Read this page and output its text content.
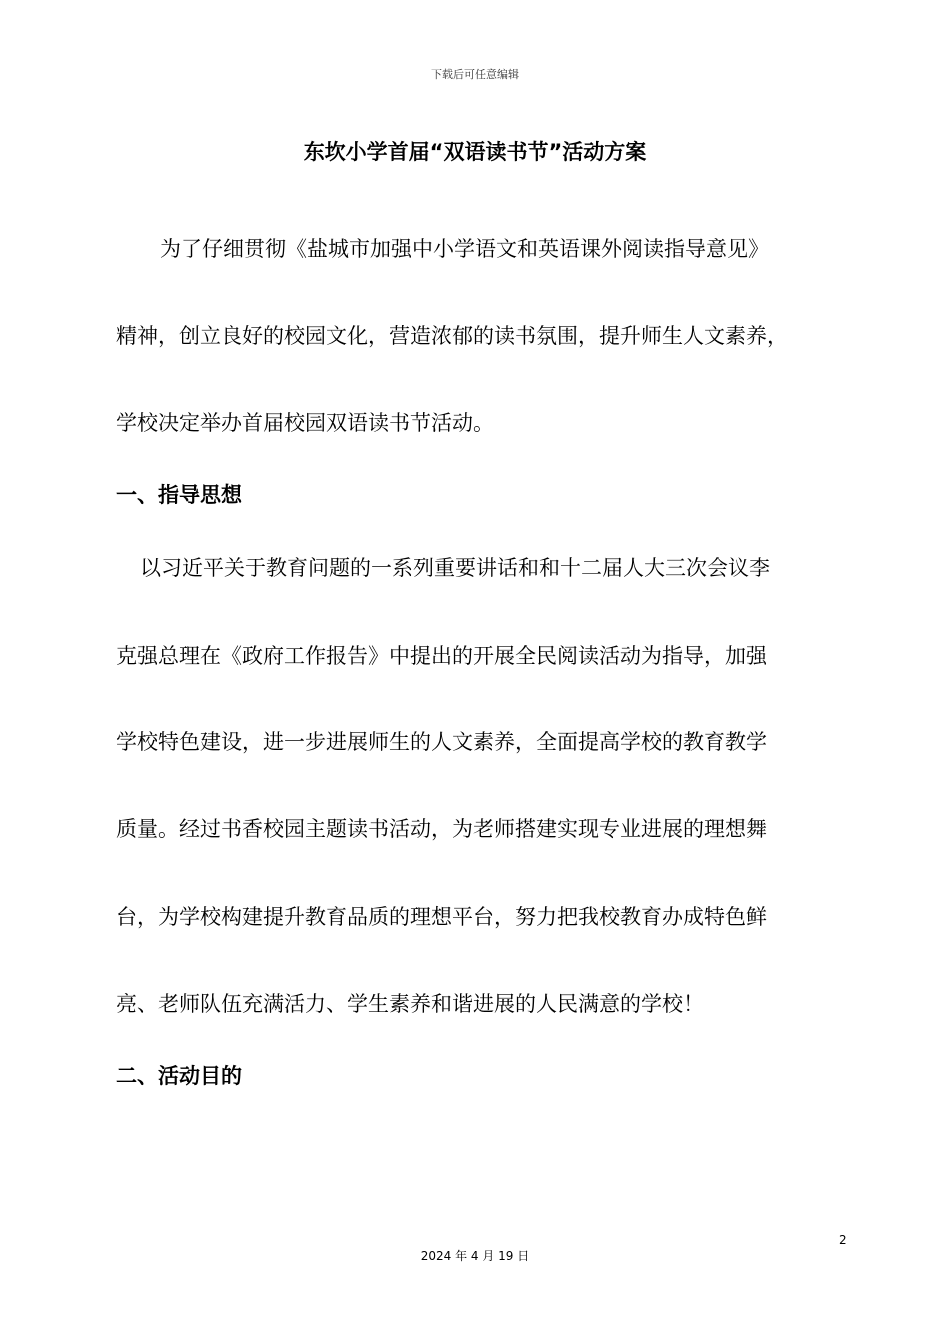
下载后可任意编辑
东坎小学首届“双语读书节”活动方案
为了仔细贯彻《盐城市加强中小学语文和英语课外阅读指导意见》
精神，创立良好的校园文化，营造浓郁的读书氛围，提升师生人文素养，
学校决定举办首届校园双语读书节活动。
一、指导思想
以习近平关于教育问题的一系列重要讲话和和十二届人大三次会议李
克强总理在《政府工作报告》中提出的开展全民阅读活动为指导，加强
学校特色建设，进一步进展师生的人文素养，全面提高学校的教育教学
质量。经过书香校园主题读书活动，为老师搭建实现专业进展的理想舞
台，为学校构建提升教育品质的理想平台，努力把我校教育办成特色鲜
亮、老师队伍充满活力、学生素养和谐进展的人民满意的学校！
二、活动目的
2
2024 年 4 月 19 日
